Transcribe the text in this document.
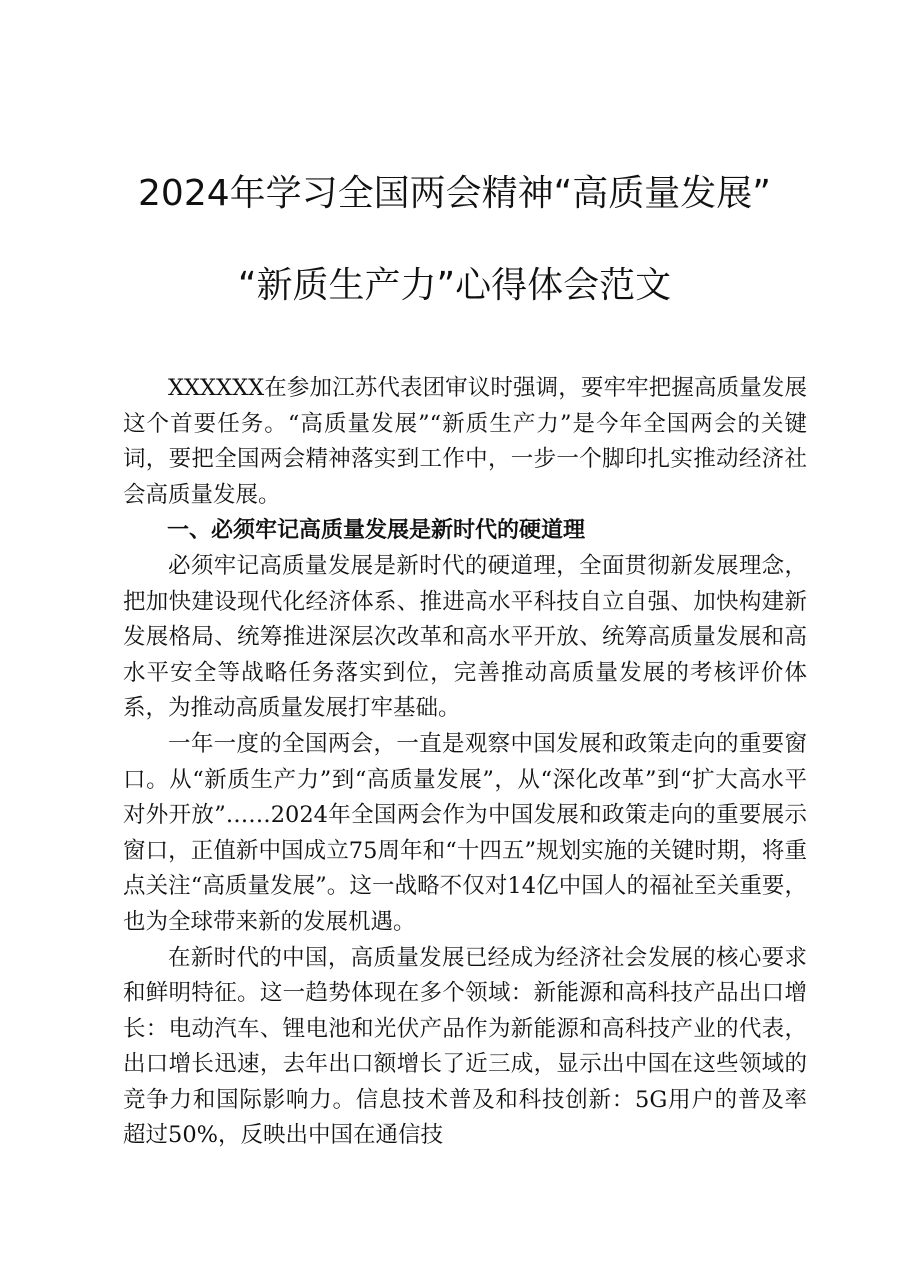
2024年学习全国两会精神“高质量发展”
“新质生产力”心得体会范文

XXXXXX在参加江苏代表团审议时强调，要牢牢把握高质量发展这个首要任务。“高质量发展”“新质生产力”是今年全国两会的关键词，要把全国两会精神落实到工作中，一步一个脚印扎实推动经济社会高质量发展。

一、必须牢记高质量发展是新时代的硬道理

必须牢记高质量发展是新时代的硬道理，全面贯彻新发展理念，把加快建设现代化经济体系、推进高水平科技自立自强、加快构建新发展格局、统筹推进深层次改革和高水平开放、统筹高质量发展和高水平安全等战略任务落实到位，完善推动高质量发展的考核评价体系，为推动高质量发展打牢基础。

一年一度的全国两会，一直是观察中国发展和政策走向的重要窗口。从“新质生产力”到“高质量发展”，从“深化改革”到“扩大高水平对外开放”……2024年全国两会作为中国发展和政策走向的重要展示窗口，正值新中国成立75周年和“十四五”规划实施的关键时期，将重点关注“高质量发展”。这一战略不仅对14亿中国人的福祉至关重要，也为全球带来新的发展机遇。

在新时代的中国，高质量发展已经成为经济社会发展的核心要求和鲜明特征。这一趋势体现在多个领域：新能源和高科技产品出口增长：电动汽车、锂电池和光伏产品作为新能源和高科技产业的代表，出口增长迅速，去年出口额增长了近三成，显示出中国在这些领域的竞争力和国际影响力。信息技术普及和科技创新：5G用户的普及率超过50%，反映出中国在通信技
